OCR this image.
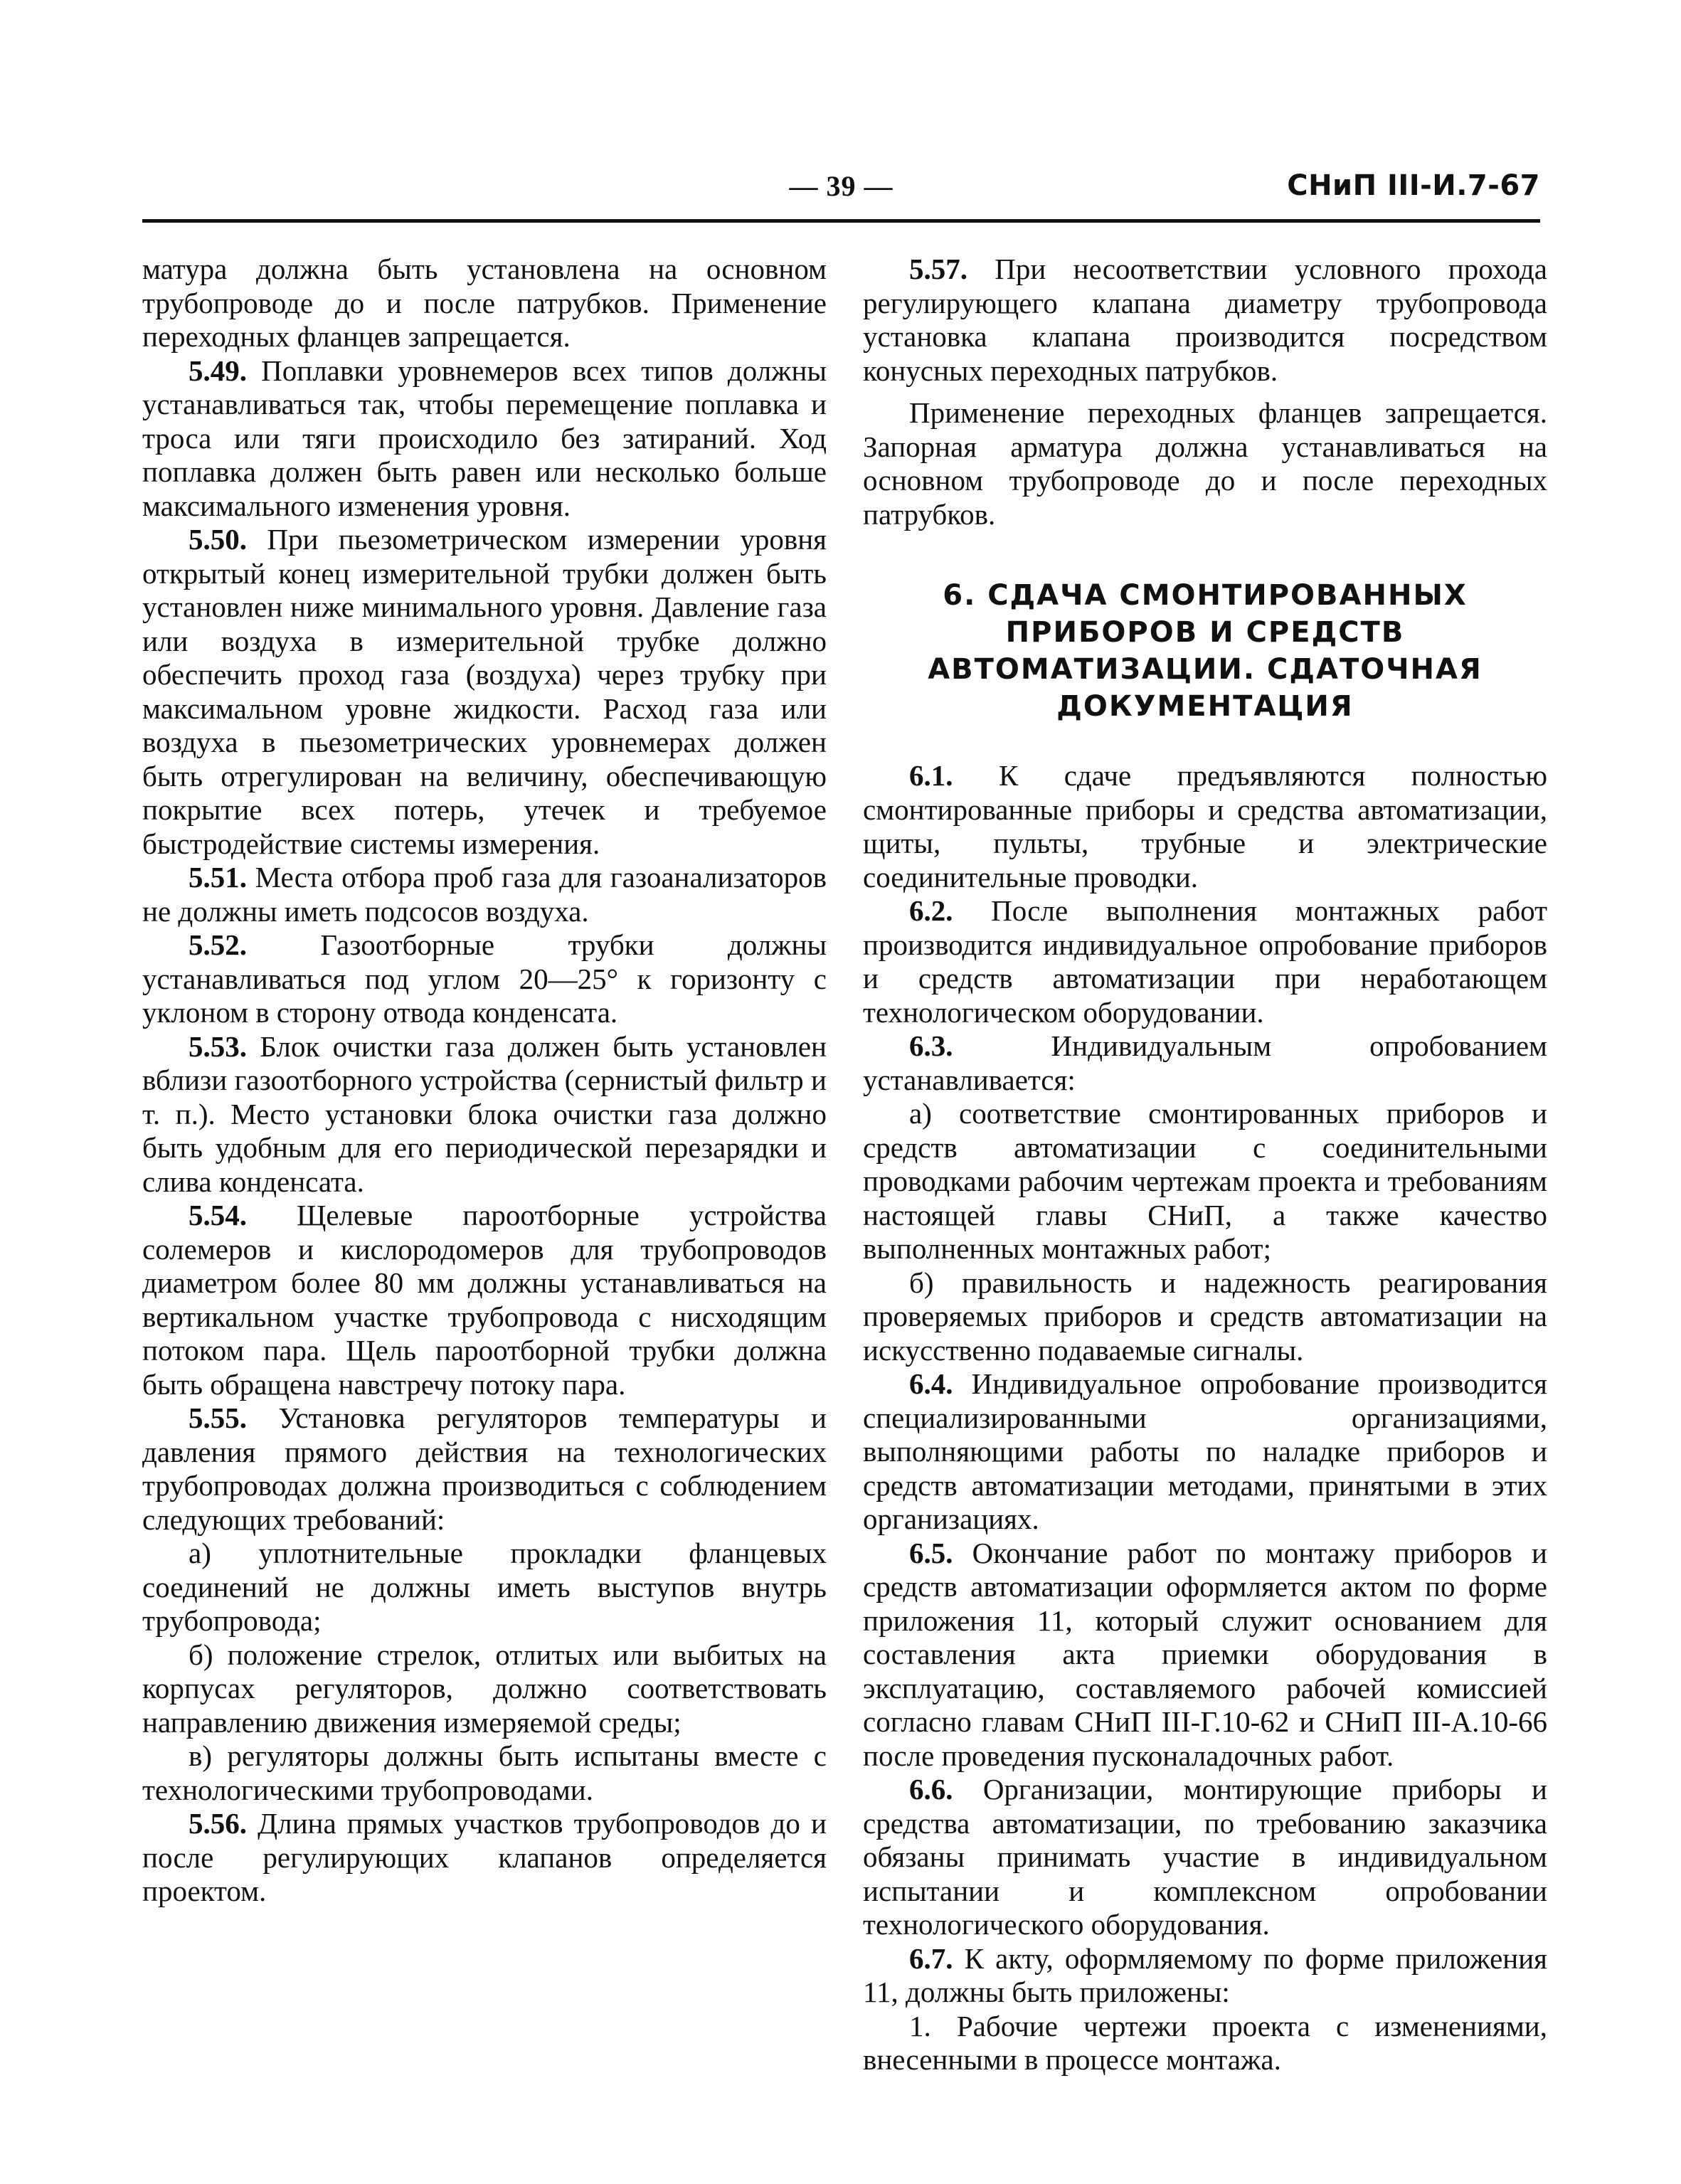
— 39 —	СНиП III-И.7-67

матура должна быть установлена на основном трубопроводе до и после патрубков. Применение переходных фланцев запрещается.

5.49. Поплавки уровнемеров всех типов должны устанавливаться так, чтобы перемещение поплавка и троса или тяги происходило без затираний. Ход поплавка должен быть равен или несколько больше максимального изменения уровня.

5.50. При пьезометрическом измерении уровня открытый конец измерительной трубки должен быть установлен ниже минимального уровня. Давление газа или воздуха в измерительной трубке должно обеспечить проход газа (воздуха) через трубку при максимальном уровне жидкости. Расход газа или воздуха в пьезометрических уровнемерах должен быть отрегулирован на величину, обеспечивающую покрытие всех потерь, утечек и требуемое быстродействие системы измерения.

5.51. Места отбора проб газа для газоанализаторов не должны иметь подсосов воздуха.

5.52.	Газоотборные трубки должны устанавливаться под углом 20—25° к горизонту с уклоном в сторону отвода конденсата.

5.53. Блок очистки газа должен быть установлен вблизи газоотборного устройства (сернистый фильтр и т. п.). Место установки блока очистки газа должно быть удобным для его периодической перезарядки и слива конденсата.

5.54. Щелевые пароотборные устройства солемеров и кислородомеров для трубопроводов диаметром более 80 мм должны устанавливаться на вертикальном участке трубопровода с нисходящим потоком пара. Щель пароотборной трубки должна быть обращена навстречу потоку пара.

5.55. Установка регуляторов температуры и давления прямого действия на технологических трубопроводах должна производиться с соблюдением следующих требований:

а) уплотнительные прокладки фланцевых соединений не должны иметь выступов внутрь трубопровода;

б) положение стрелок, отлитых или выбитых на корпусах регуляторов, должно соответствовать направлению движения измеряемой среды;

в) регуляторы должны быть испытаны вместе с технологическими трубопроводами.

5.56. Длина прямых участков трубопроводов до и после регулирующих клапанов определяется проектом.

5.57. При несоответствии условного прохода регулирующего клапана диаметру трубопровода установка клапана производится посредством конусных переходных патрубков.

Применение переходных фланцев запрещается. Запорная арматура должна устанавливаться на основном трубопроводе до и после переходных патрубков.

6. СДАЧА СМОНТИРОВАННЫХ
ПРИБОРОВ И СРЕДСТВ
АВТОМАТИЗАЦИИ. СДАТОЧНАЯ
ДОКУМЕНТАЦИЯ

6.1. К сдаче предъявляются полностью смонтированные приборы и средства автоматизации, щиты, пульты, трубные и электрические соединительные проводки.

6.2. После выполнения монтажных работ производится индивидуальное опробование приборов и средств автоматизации при неработающем технологическом оборудовании.

6.3.	Индивидуальным опробованием устанавливается:

а) соответствие смонтированных приборов и средств автоматизации с соединительными проводками рабочим чертежам проекта и требованиям настоящей главы СНиП, а также качество выполненных монтажных работ;

б) правильность и надежность реагирования проверяемых приборов и средств автоматизации на искусственно подаваемые сигналы.

6.4. Индивидуальное опробование производится специализированными организациями, выполняющими работы по наладке приборов и средств автоматизации методами, принятыми в этих организациях.

6.5. Окончание работ по монтажу приборов и средств автоматизации оформляется актом по форме приложения 11, который служит основанием для составления акта приемки оборудования в эксплуатацию, составляемого рабочей комиссией согласно главам СНиП III-Г.10-62 и СНиП III-А.10-66 после проведения пусконаладочных работ.

6.6. Организации, монтирующие приборы и средства автоматизации, по требованию заказчика обязаны принимать участие в индивидуальном испытании и комплексном опробовании технологического оборудования.

6.7. К акту, оформляемому по форме приложения 11, должны быть приложены:

1. Рабочие чертежи проекта с изменениями, внесенными в процессе монтажа.
